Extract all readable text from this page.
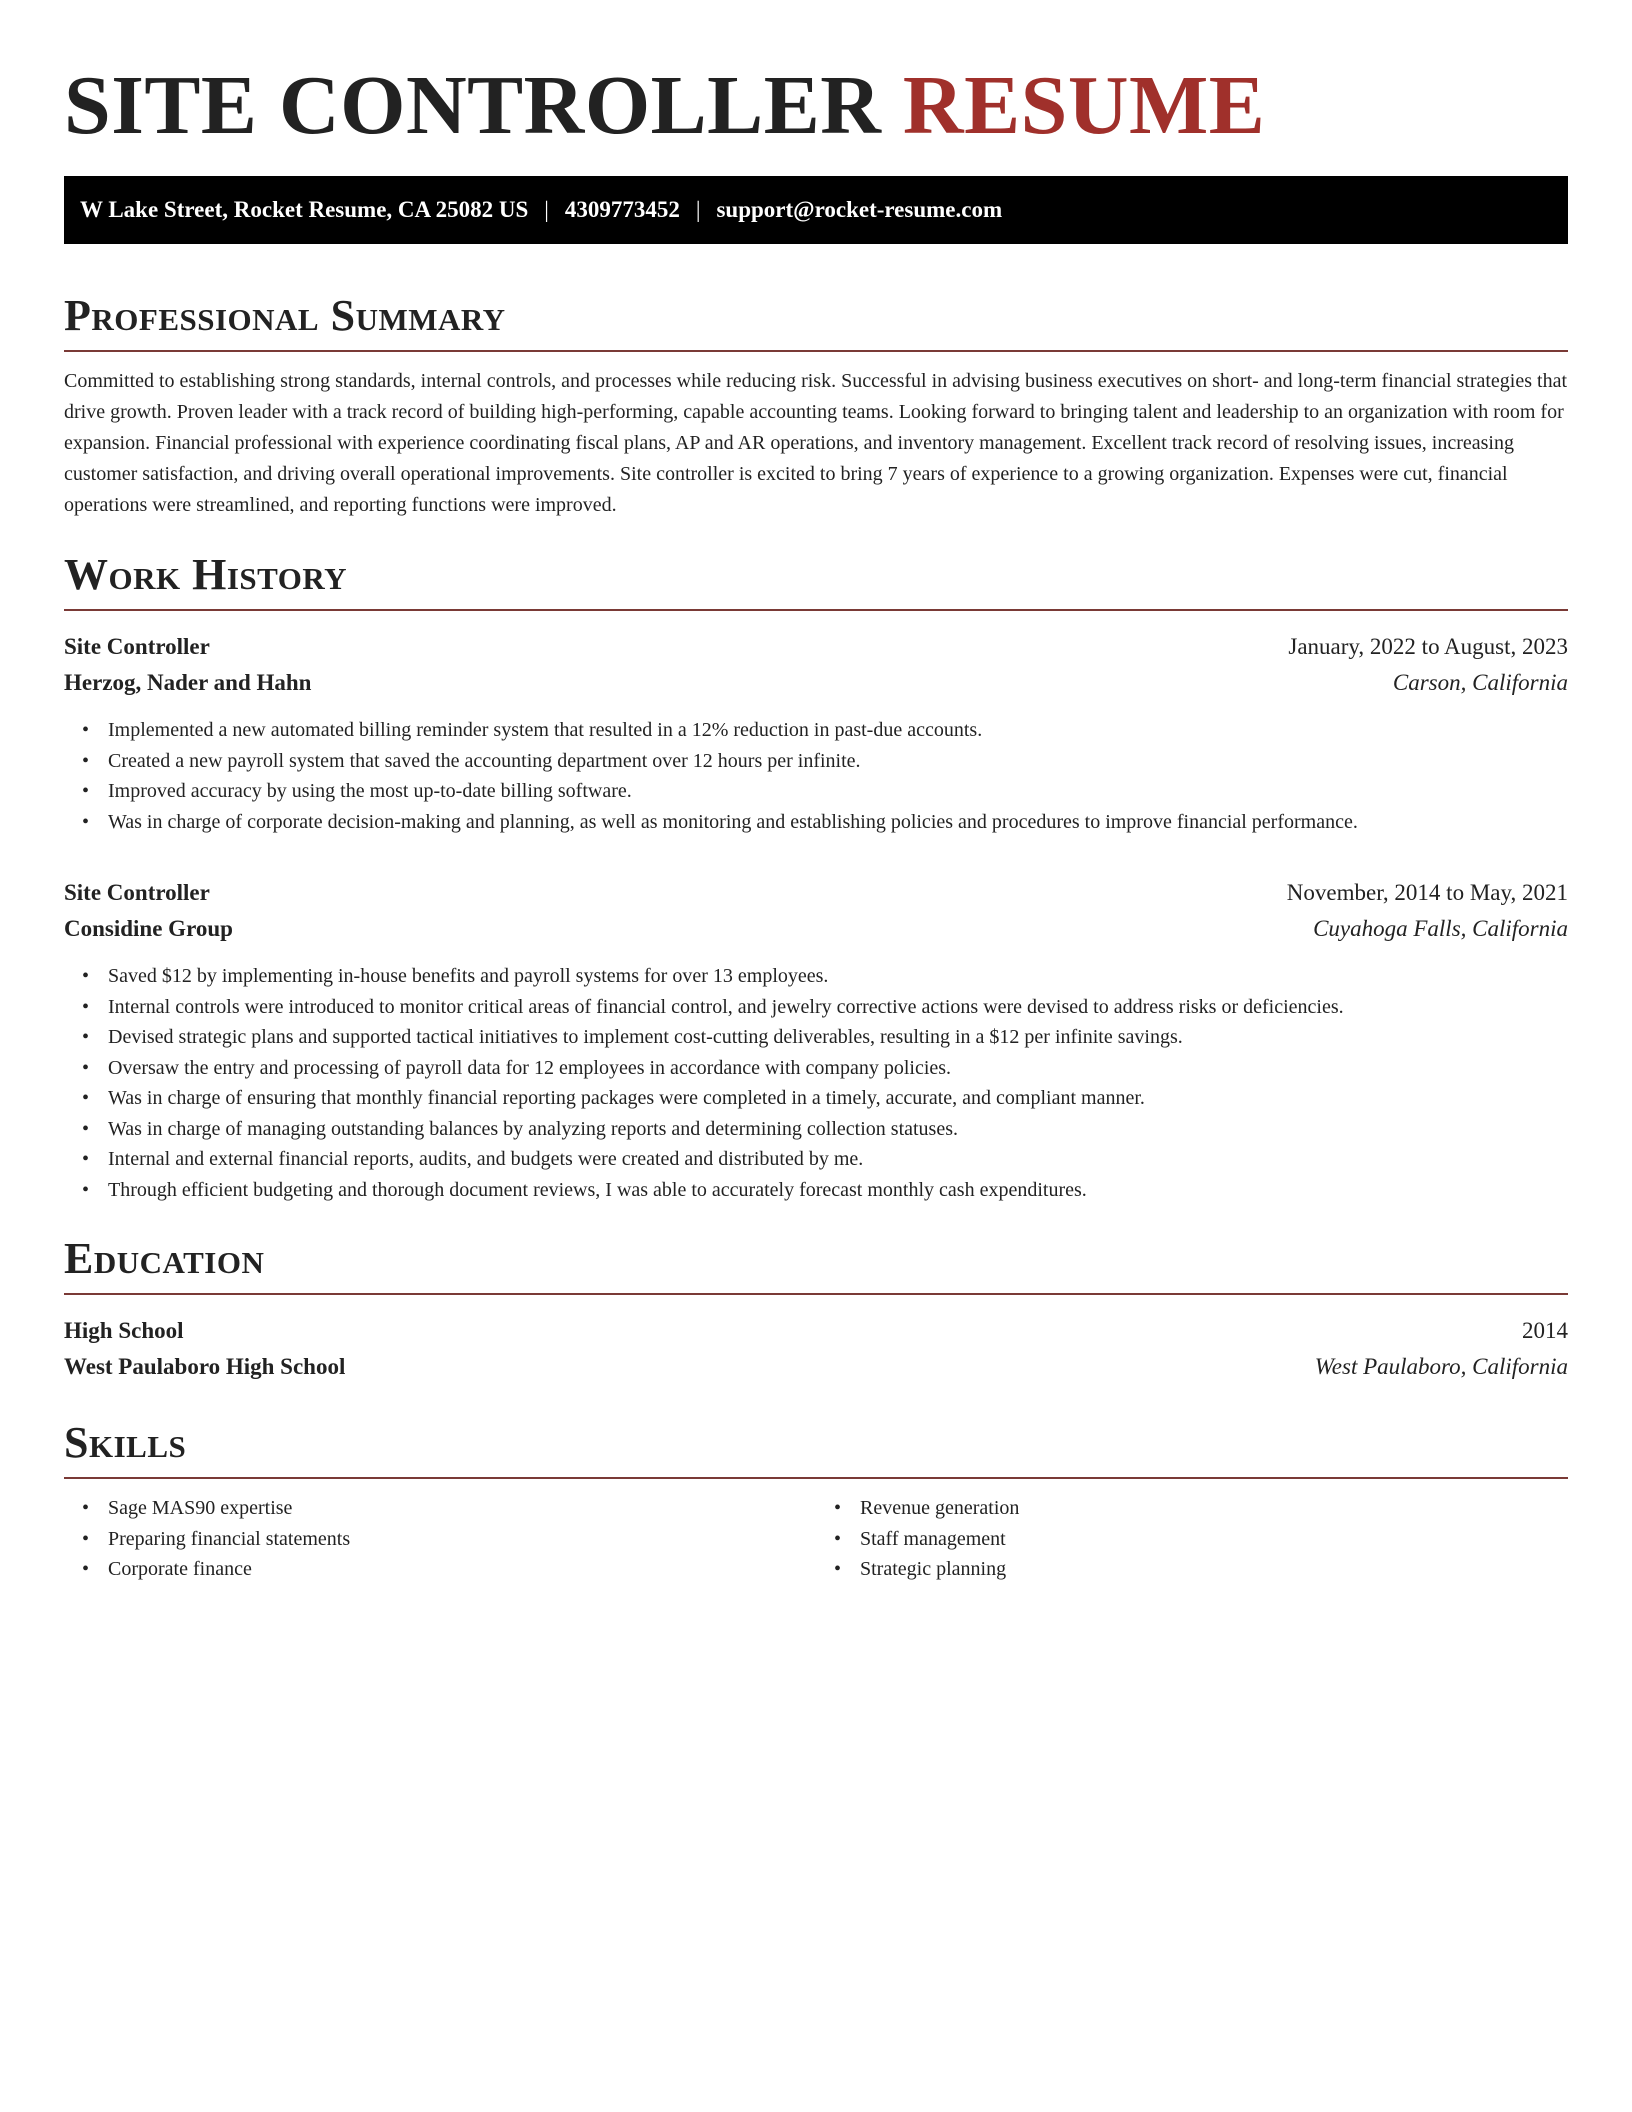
SITE CONTROLLER RESUME
W Lake Street, Rocket Resume, CA 25082 US | 4309773452 | support@rocket-resume.com
Professional Summary

Committed to establishing strong standards, internal controls, and processes while reducing risk. Successful in advising business executives on short- and long-term financial strategies that drive growth. Proven leader with a track record of building high-performing, capable accounting teams. Looking forward to bringing talent and leadership to an organization with room for expansion. Financial professional with experience coordinating fiscal plans, AP and AR operations, and inventory management. Excellent track record of resolving issues, increasing customer satisfaction, and driving overall operational improvements. Site controller is excited to bring 7 years of experience to a growing organization. Expenses were cut, financial operations were streamlined, and reporting functions were improved.

Work History
Site Controller	January, 2022 to August, 2023
Herzog, Nader and Hahn	Carson, California
• Implemented a new automated billing reminder system that resulted in a 12% reduction in past-due accounts.
• Created a new payroll system that saved the accounting department over 12 hours per infinite.
• Improved accuracy by using the most up-to-date billing software.
• Was in charge of corporate decision-making and planning, as well as monitoring and establishing policies and procedures to improve financial performance.
Site Controller	November, 2014 to May, 2021
Considine Group	Cuyahoga Falls, California
• Saved $12 by implementing in-house benefits and payroll systems for over 13 employees.
• Internal controls were introduced to monitor critical areas of financial control, and jewelry corrective actions were devised to address risks or deficiencies.
• Devised strategic plans and supported tactical initiatives to implement cost-cutting deliverables, resulting in a $12 per infinite savings.
• Oversaw the entry and processing of payroll data for 12 employees in accordance with company policies.
• Was in charge of ensuring that monthly financial reporting packages were completed in a timely, accurate, and compliant manner.
• Was in charge of managing outstanding balances by analyzing reports and determining collection statuses.
• Internal and external financial reports, audits, and budgets were created and distributed by me.
• Through efficient budgeting and thorough document reviews, I was able to accurately forecast monthly cash expenditures.
Education
High School	2014
West Paulaboro High School	West Paulaboro, California
Skills
• Sage MAS90 expertise
• Preparing financial statements
• Corporate finance
• Revenue generation
• Staff management
• Strategic planning
